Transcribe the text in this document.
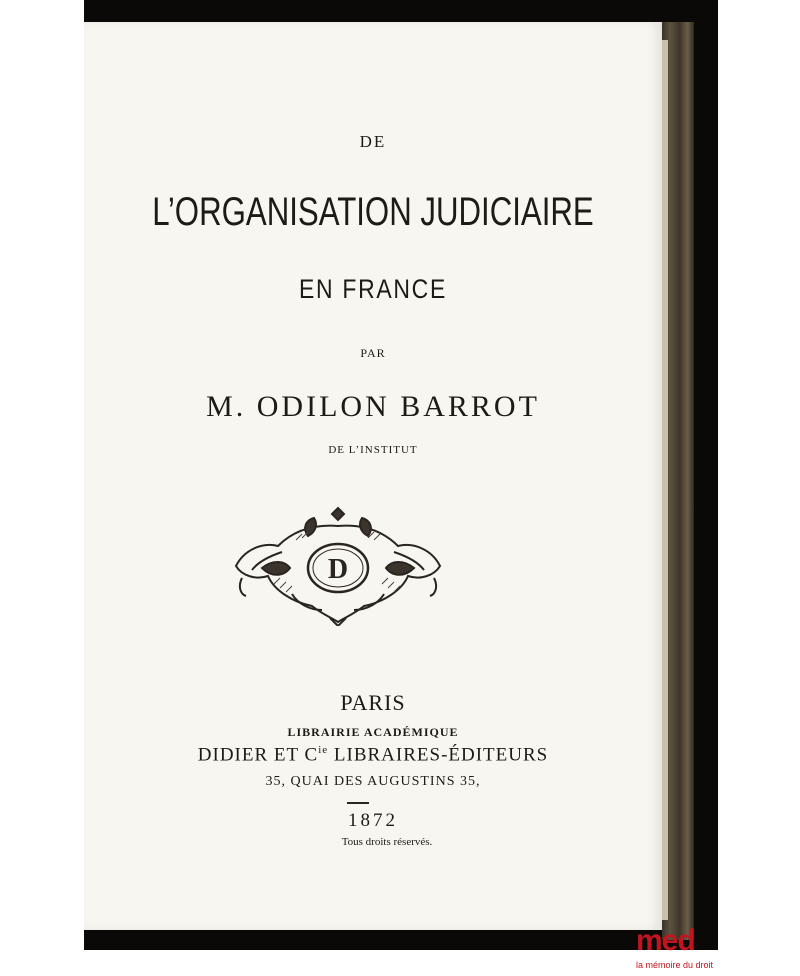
DE
L’ORGANISATION JUDICIAIRE
EN FRANCE
PAR
M. ODILON BARROT
DE L’INSTITUT
D
PARIS
LIBRAIRIE ACADÉMIQUE
DIDIER ET $C^{ie}$ LIBRAIRES-ÉDITEURS
35, QUAI DES AUGUSTINS 35,
1872
Tous droits réservés.
med
la mémoire du droit
